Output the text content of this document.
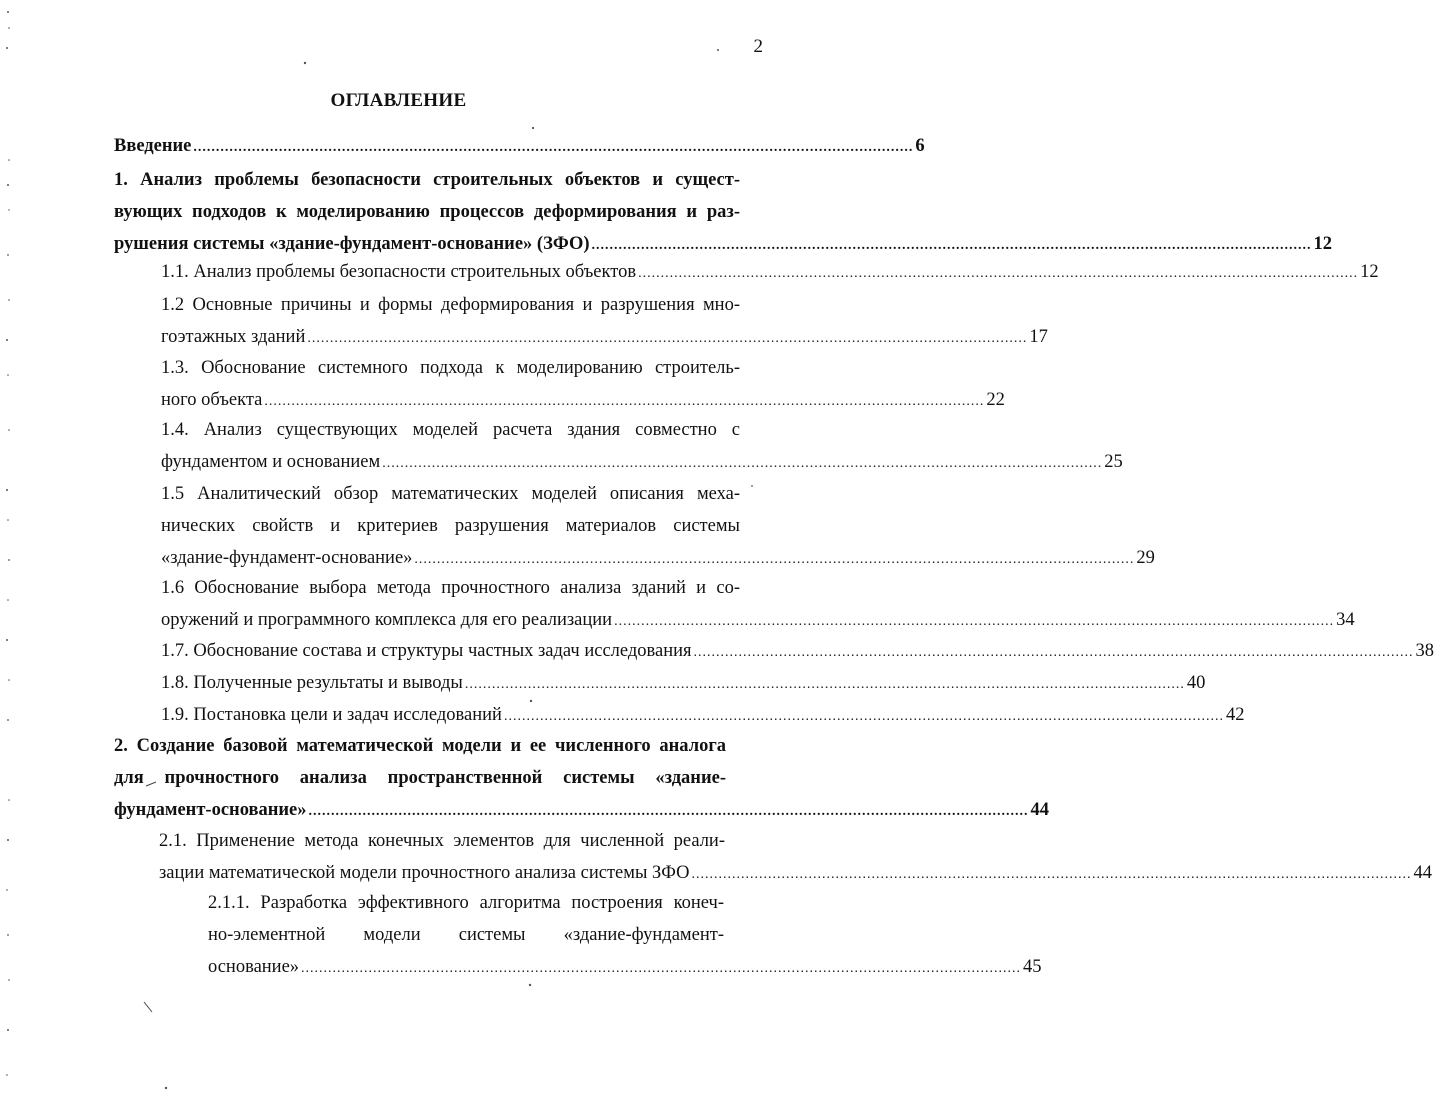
2
ОГЛАВЛЕНИЕ
Введение ................................................................................................................................................................ 6
1. Анализ проблемы безопасности строительных объектов и сущест-
вующих подходов к моделированию процессов деформирования и раз-
рушения системы «здание-фундамент-основание» (ЗФО) ................................................................................................................................................................ 12
1.1. Анализ проблемы безопасности строительных объектов ................................................................................................................................................................ 12
1.2 Основные причины и формы деформирования и разрушения мно-
гоэтажных зданий ................................................................................................................................................................ 17
1.3. Обоснование системного подхода к моделированию строитель-
ного объекта ................................................................................................................................................................ 22
1.4. Анализ существующих моделей расчета здания совместно с
фундаментом и основанием ................................................................................................................................................................ 25
1.5 Аналитический обзор математических моделей описания меха-
нических свойств и критериев разрушения материалов системы
«здание-фундамент-основание» ................................................................................................................................................................ 29
1.6 Обоснование выбора метода прочностного анализа зданий и со-
оружений и программного комплекса для его реализации ................................................................................................................................................................ 34
1.7. Обоснование состава и структуры частных задач исследования ................................................................................................................................................................ 38
1.8. Полученные результаты и выводы ................................................................................................................................................................ 40
1.9. Постановка цели и задач исследований ................................................................................................................................................................ 42
2. Создание базовой математической модели и ее численного аналога
для прочностного анализа пространственной системы «здание-
фундамент-основание» ................................................................................................................................................................ 44
2.1. Применение метода конечных элементов для численной реали-
зации математической модели прочностного анализа системы ЗФО ................................................................................................................................................................ 44
2.1.1. Разработка эффективного алгоритма построения конеч-
но-элементной модели системы «здание-фундамент-
основание» ................................................................................................................................................................ 45
